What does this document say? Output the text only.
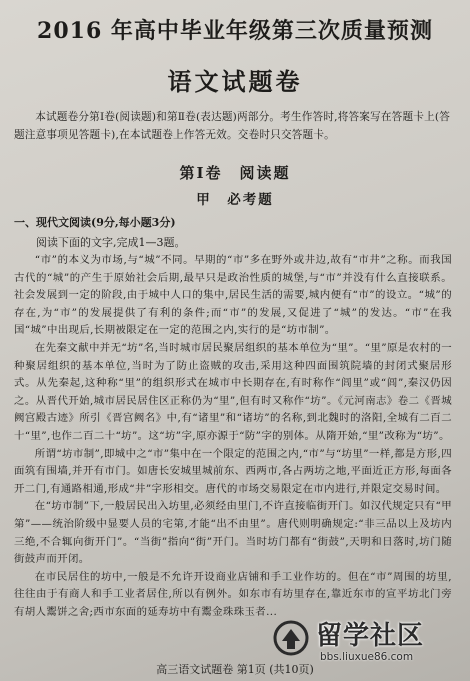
2016 年高中毕业年级第三次质量预测
语文试题卷
本试题卷分第Ⅰ卷(阅读题)和第Ⅱ卷(表达题)两部分。考生作答时,将答案写在答题卡上(答题注意事项见答题卡),在本试题卷上作答无效。交卷时只交答题卡。
第Ⅰ卷　阅读题
甲　必考题
一、现代文阅读(9分,每小题3分)
阅读下面的文字,完成1—3题。

“市”的本义为市场,与“城”不同。早期的“市”多在野外或井边,故有“市井”之称。而我国古代的“城”的产生于原始社会后期,最早只是政治性质的城堡,与“市”并没有什么直接联系。社会发展到一定的阶段,由于城中人口的集中,居民生活的需要,城内便有“市”的设立。“城”的存在,为“市”的发展提供了有利的条件;而“市”的发展,又促进了“城”的发达。“市”在我国“城”中出现后,长期被限定在一定的范围之内,实行的是“坊市制”。

在先秦文献中并无“坊”名,当时城市居民聚居组织的基本单位为“里”。“里”原是农村的一种聚居组织的基本单位,当时为了防止盗贼的攻击,采用这种四面围筑院墙的封闭式聚居形式。从先秦起,这种称“里”的组织形式在城市中长期存在,有时称作“闾里”或“闾”,秦汉仍因之。从晋代开始,城市居民居住区正称仍为“里”,但有时又称作“坊”。《元河南志》卷二《晋城阙宫殿古迹》所引《晋宫阙名》中,有“诸里”和“诸坊”的名称,到北魏时的洛阳,全城有二百二十“里”,也作二百二十“坊”。这“坊”字,原亦源于“防”字的别体。从隋开始,“里”改称为“坊”。

所谓“坊市制”,即城中之“市”集中在一个限定的范围之内,“市”与“坊里”一样,都是方形,四面筑有围墙,并开有市门。如唐长安城里城前东、西两市,各占两坊之地,平面近正方形,每面各开二门,有通路相通,形成“井”字形相交。唐代的市场交易限定在市内进行,并限定交易时间。

在“坊市制”下,一般居民出入坊里,必须经由里门,不许直接临街开门。如汉代规定只有“甲第”——统治阶级中显要人员的宅第,才能“出不由里”。唐代则明确规定:“非三品以上及坊内三绝,不合辄向街开门”。“当街”指向“街”开门。当时坊门都有“街鼓”,天明和日落时,坊门随街鼓声而开闭。

在市民居住的坊中,一般是不允许开设商业店铺和手工业作坊的。但在“市”周围的坊里,往往由于有商人和手工业者居住,所以有例外。如东市有坊里存在,靠近东市的宣平坊北门旁有胡人鬻饼之舍;西市东面的延寿坊中有鬻金珠珠玉者...

高三语文试题卷 第1页 (共10页)
留学社区
bbs.liuxue86.com
